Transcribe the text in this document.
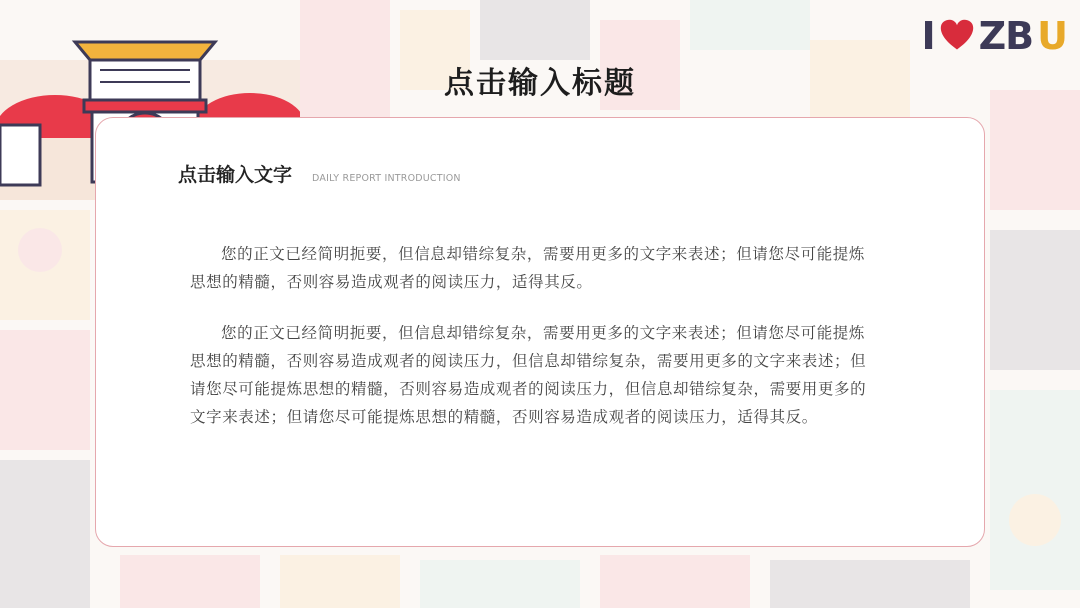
点击输入标题
I ZB U
点击输入文字 DAILY REPORT INTRODUCTION
您的正文已经简明扼要，但信息却错综复杂，需要用更多的文字来表述；但请您尽可能提炼思想的精髓，否则容易造成观者的阅读压力，适得其反。
您的正文已经简明扼要，但信息却错综复杂，需要用更多的文字来表述；但请您尽可能提炼思想的精髓，否则容易造成观者的阅读压力，但信息却错综复杂，需要用更多的文字来表述；但请您尽可能提炼思想的精髓，否则容易造成观者的阅读压力，但信息却错综复杂，需要用更多的文字来表述；但请您尽可能提炼思想的精髓，否则容易造成观者的阅读压力，适得其反。
